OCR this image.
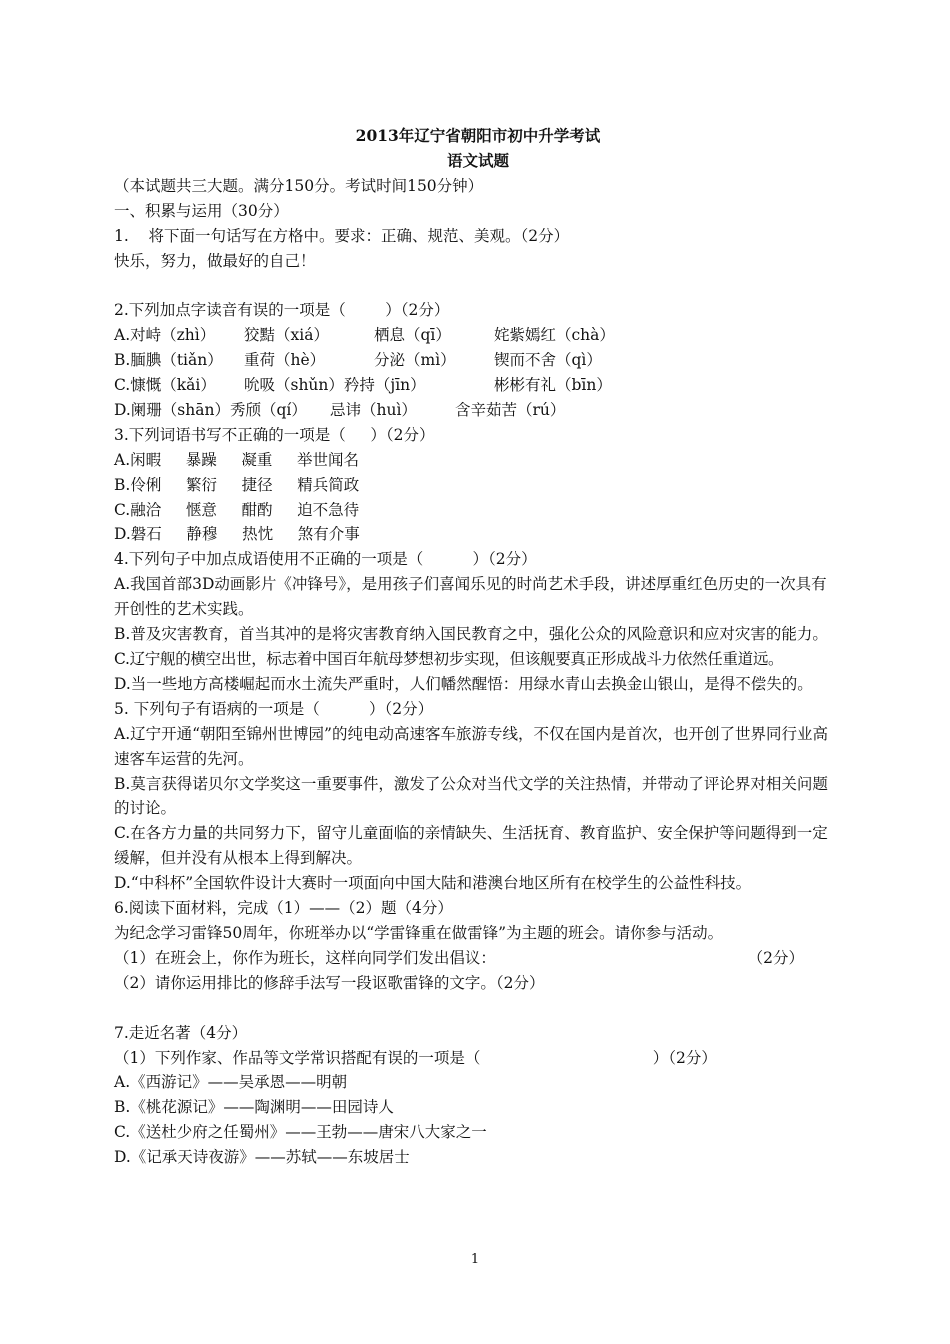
2013年辽宁省朝阳市初中升学考试
语文试题
（本试题共三大题。满分150分。考试时间150分钟）
一、积累与运用（30分）
1.    将下面一句话写在方格中。要求：正确、规范、美观。（2分）
快乐，努力，做最好的自己！
2.下列加点字读音有误的一项是（        ）（2分）
A.对峙（zhì） 狡黠（xiá）	栖息（qī）	姹紫嫣红（chà）
B.腼腆（tiǎn） 重荷（hè）	分泌（mì） 锲而不舍（qì）
C.慷慨（kǎi） 吮吸（shǔn）矜持（jīn）	彬彬有礼（bīn）
D.阑珊（shān）秀颀（qí） 忌讳（huì） 含辛茹苦（rú）
3.下列词语书写不正确的一项是（     ）（2分）
A.闲暇     暴躁     凝重     举世闻名
B.伶俐     繁衍     捷径     精兵简政
C.融洽     惬意     酣酌     迫不急待
D.磐石     静穆     热忱     煞有介事
4.下列句子中加点成语使用不正确的一项是（          ）（2分）
A.我国首部3D动画影片《冲锋号》，是用孩子们喜闻乐见的时尚艺术手段，讲述厚重红色历史的一次具有开创性的艺术实践。
B.普及灾害教育，首当其冲的是将灾害教育纳入国民教育之中，强化公众的风险意识和应对灾害的能力。
C.辽宁舰的横空出世，标志着中国百年航母梦想初步实现，但该舰要真正形成战斗力依然任重道远。
D.当一些地方高楼崛起而水土流失严重时，人们幡然醒悟：用绿水青山去换金山银山，是得不偿失的。
5. 下列句子有语病的一项是（          ）（2分）
A.辽宁开通“朝阳至锦州世博园”的纯电动高速客车旅游专线，不仅在国内是首次，也开创了世界同行业高速客车运营的先河。
B.莫言获得诺贝尔文学奖这一重要事件，激发了公众对当代文学的关注热情，并带动了评论界对相关问题的讨论。
C.在各方力量的共同努力下，留守儿童面临的亲情缺失、生活抚育、教育监护、安全保护等问题得到一定缓解，但并没有从根本上得到解决。
D.“中科杯”全国软件设计大赛时一项面向中国大陆和港澳台地区所有在校学生的公益性科技。
6.阅读下面材料，完成（1）——（2）题（4分）
为纪念学习雷锋50周年，你班举办以“学雷锋重在做雷锋”为主题的班会。请你参与活动。
（1）在班会上，你作为班长，这样向同学们发出倡议：	（2分）
（2）请你运用排比的修辞手法写一段讴歌雷锋的文字。（2分）
7.走近名著（4分）
（1）下列作家、作品等文学常识搭配有误的一项是（                                   ）（2分）
A.《西游记》——吴承恩——明朝
B.《桃花源记》——陶渊明——田园诗人
C.《送杜少府之任蜀州》——王勃——唐宋八大家之一
D.《记承天诗夜游》——苏轼——东坡居士
1
